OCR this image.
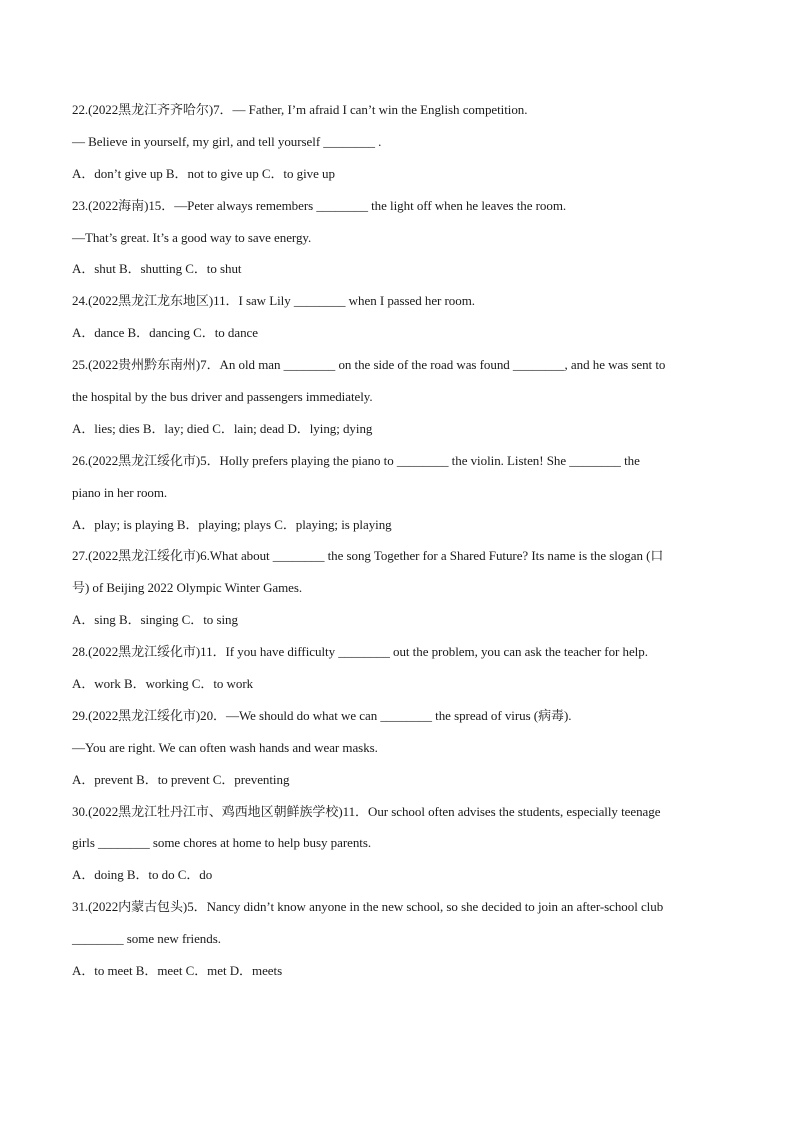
22.(2022黑龙江齐齐哈尔)7．— Father, I’m afraid I can’t win the English competition.
— Believe in yourself, my girl, and tell yourself ________ .
A．don’t give up B．not to give up C．to give up
23.(2022海南)15．—Peter always remembers ________ the light off when he leaves the room.
—That’s great. It’s a good way to save energy.
A．shut B．shutting C．to shut
24.(2022黑龙江龙东地区)11．I saw Lily ________ when I passed her room.
A．dance B．dancing C．to dance
25.(2022贵州黔东南州)7．An old man ________ on the side of the road was found ________, and he was sent to
the hospital by the bus driver and passengers immediately.
A．lies; dies B．lay; died C．lain; dead D．lying; dying
26.(2022黑龙江绥化市)5．Holly prefers playing the piano to ________ the violin. Listen! She ________ the
piano in her room.
A．play; is playing B．playing; plays C．playing; is playing
27.(2022黑龙江绥化市)6.What about ________ the song Together for a Shared Future? Its name is the slogan (口
号) of Beijing 2022 Olympic Winter Games.
A．sing B．singing C．to sing
28.(2022黑龙江绥化市)11．If you have difficulty ________ out the problem, you can ask the teacher for help.
A．work B．working C．to work
29.(2022黑龙江绥化市)20．—We should do what we can ________ the spread of virus (病毒).
—You are right. We can often wash hands and wear masks.
A．prevent B．to prevent C．preventing
30.(2022黑龙江牡丹江市、鸡西地区朝鲜族学校)11．Our school often advises the students, especially teenage
girls ________ some chores at home to help busy parents.
A．doing B．to do C．do
31.(2022内蒙古包头)5．Nancy didn’t know anyone in the new school, so she decided to join an after-school club
________ some new friends.
A．to meet B．meet C．met D．meets
